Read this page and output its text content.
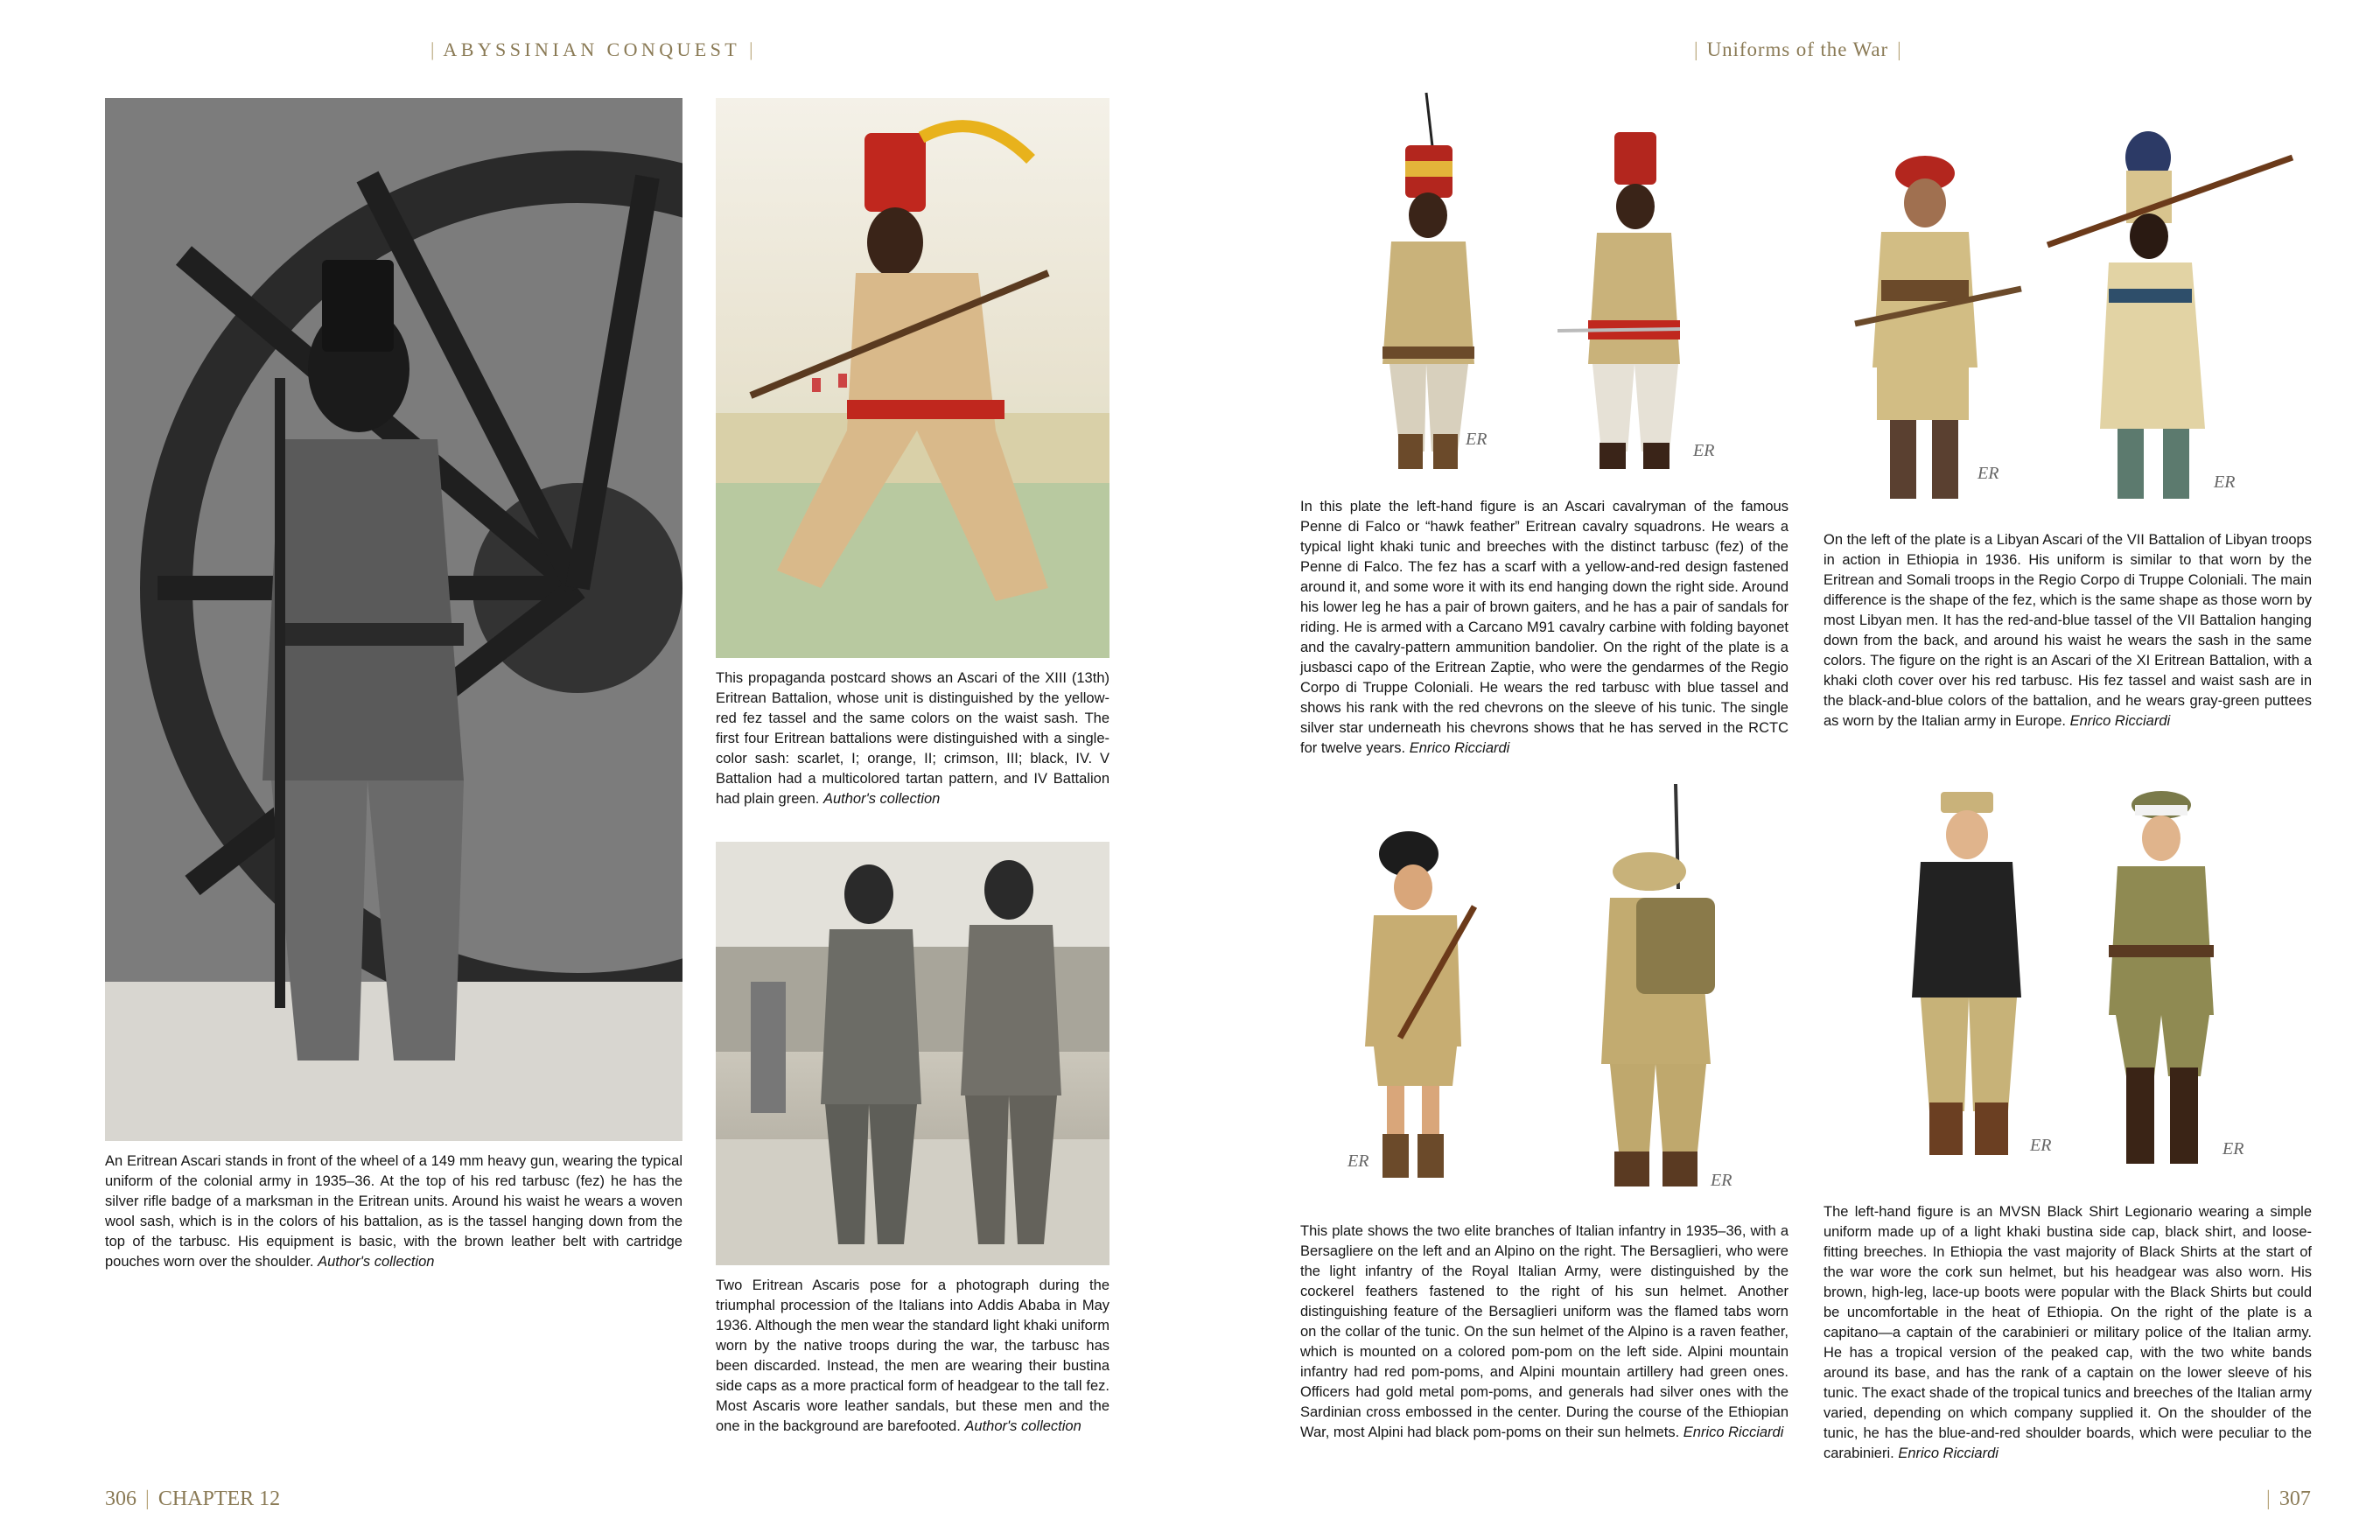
| ABYSSINIAN CONQUEST |	| Uniforms of the War |

An Eritrean Ascari stands in front of the wheel of a 149 mm heavy gun, wearing the typical uniform of the colonial army in 1935–36. At the top of his red tarbusc (fez) he has the silver rifle badge of a marksman in the Eritrean units. Around his waist he wears a woven wool sash, which is in the colors of his battalion, as is the tassel hanging down from the top of the tarbusc. His equipment is basic, with the brown leather belt with cartridge pouches worn over the shoulder. Author's collection

This propaganda postcard shows an Ascari of the XIII (13th) Eritrean Battalion, whose unit is distinguished by the yellow-red fez tassel and the same colors on the waist sash. The first four Eritrean battalions were distinguished with a single-color sash: scarlet, I; orange, II; crimson, III; black, IV. V Battalion had a multicolored tartan pattern, and IV Battalion had plain green. Author's collection

Two Eritrean Ascaris pose for a photograph during the triumphal procession of the Italians into Addis Ababa in May 1936. Although the men wear the standard light khaki uniform worn by the native troops during the war, the tarbusc has been discarded. Instead, the men are wearing their bustina side caps as a more practical form of headgear to the tall fez. Most Ascaris wore leather sandals, but these men and the one in the background are barefooted. Author's collection

306 | CHAPTER 12
ER
ER

In this plate the left-hand figure is an Ascari cavalryman of the famous Penne di Falco or “hawk feather” Eritrean cavalry squadrons. He wears a typical light khaki tunic and breeches with the distinct tarbusc (fez) of the Penne di Falco. The fez has a scarf with a yellow-and-red design fastened around it, and some wore it with its end hanging down the right side. Around his lower leg he has a pair of brown gaiters, and he has a pair of sandals for riding. He is armed with a Carcano M91 cavalry carbine with folding bayonet and the cavalry-pattern ammunition bandolier. On the right of the plate is a jusbasci capo of the Eritrean Zaptie, who were the gendarmes of the Regio Corpo di Truppe Coloniali. He wears the red tarbusc with blue tassel and shows his rank with the red chevrons on the sleeve of his tunic. The single silver star underneath his chevrons shows that he has served in the RCTC for twelve years. Enrico Ricciardi

ER	ER

On the left of the plate is a Libyan Ascari of the VII Battalion of Libyan troops in action in Ethiopia in 1936. His uniform is similar to that worn by the Eritrean and Somali troops in the Regio Corpo di Truppe Coloniali. The main difference is the shape of the fez, which is the same shape as those worn by most Libyan men. It has the red-and-blue tassel of the VII Battalion hanging down from the back, and around his waist he wears the sash in the same colors. The figure on the right is an Ascari of the XI Eritrean Battalion, with a khaki cloth cover over his red tarbusc. His fez tassel and waist sash are in the black-and-blue colors of the battalion, and he wears gray-green puttees as worn by the Italian army in Europe. Enrico Ricciardi

ER
ER

This plate shows the two elite branches of Italian infantry in 1935–36, with a Bersagliere on the left and an Alpino on the right. The Bersaglieri, who were the light infantry of the Royal Italian Army, were distinguished by the cockerel feathers fastened to the right of his sun helmet. Another distinguishing feature of the Bersaglieri uniform was the flamed tabs worn on the collar of the tunic. On the sun helmet of the Alpino is a raven feather, which is mounted on a colored pom-pom on the left side. Alpini mountain infantry had red pom-poms, and Alpini mountain artillery had green ones. Officers had gold metal pom-poms, and generals had silver ones with the Sardinian cross embossed in the center. During the course of the Ethiopian War, most Alpini had black pom-poms on their sun helmets. Enrico Ricciardi

ER	ER

The left-hand figure is an MVSN Black Shirt Legionario wearing a simple uniform made up of a light khaki bustina side cap, black shirt, and loose-fitting breeches. In Ethiopia the vast majority of Black Shirts at the start of the war wore the cork sun helmet, but his headgear was also worn. His brown, high-leg, lace-up boots were popular with the Black Shirts but could be uncomfortable in the heat of Ethiopia. On the right of the plate is a capitano—a captain of the carabinieri or military police of the Italian army. He has a tropical version of the peaked cap, with the two white bands around its base, and has the rank of a captain on the lower sleeve of his tunic. The exact shade of the tropical tunics and breeches of the Italian army varied, depending on which company supplied it. On the shoulder of the tunic, he has the blue-and-red shoulder boards, which were peculiar to the carabinieri. Enrico Ricciardi

| 307
